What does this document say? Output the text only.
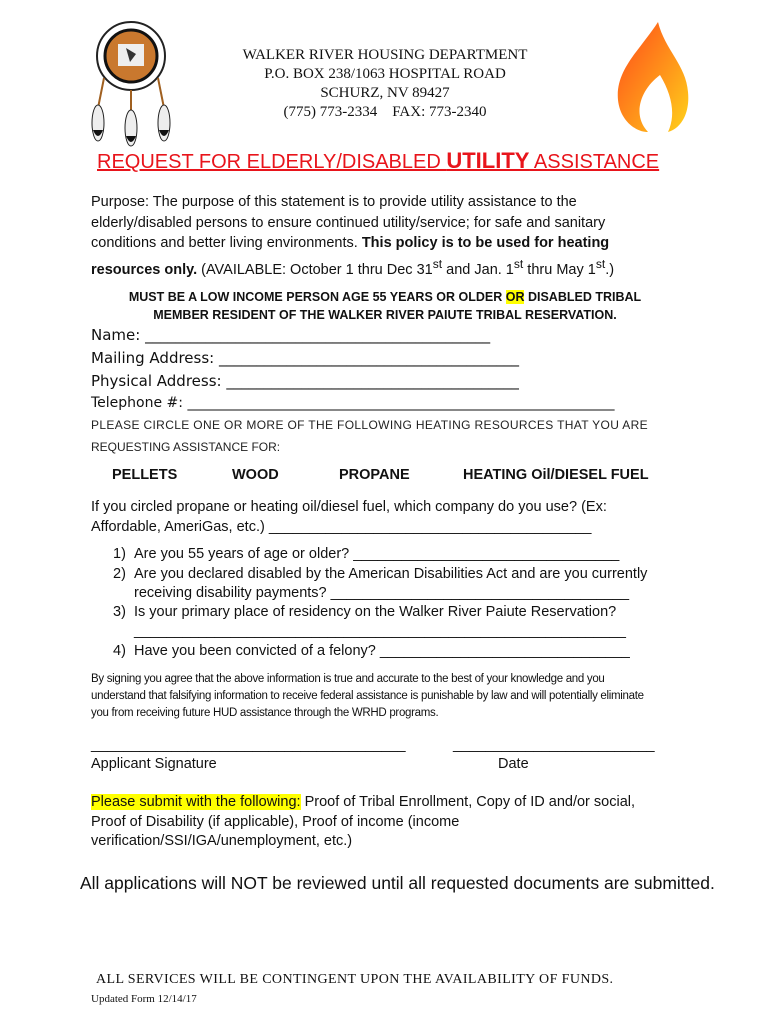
WALKER RIVER HOUSING DEPARTMENT
P.O. BOX 238/1063 HOSPITAL ROAD
SCHURZ, NV 89427
(775) 773-2334    FAX: 773-2340
REQUEST FOR ELDERLY/DISABLED UTILITY ASSISTANCE
Purpose: The purpose of this statement is to provide utility assistance to the
elderly/disabled persons to ensure continued utility/service; for safe and sanitary
conditions and better living environments. This policy is to be used for heating
resources only. (AVAILABLE: October 1 thru Dec 31st and Jan. 1st thru May 1st.)
MUST BE A LOW INCOME PERSON AGE 55 YEARS OR OLDER OR DISABLED TRIBAL
MEMBER RESIDENT OF THE WALKER RIVER PAIUTE TRIBAL RESERVATION.
Name: ______________________________________________
Mailing Address: ________________________________________
Physical Address: _______________________________________
Telephone #: _____________________________________________________________
PLEASE CIRCLE ONE OR MORE OF THE FOLLOWING HEATING RESOURCES THAT YOU ARE
REQUESTING ASSISTANCE FOR:
PELLETS	WOOD	PROPANE	HEATING Oil/DIESEL FUEL
If you circled propane or heating oil/diesel fuel, which company do you use? (Ex:
Affordable, AmeriGas, etc.) ________________________________________
1) Are you 55 years of age or older? _________________________________
2) Are you declared disabled by the American Disabilities Act and are you currently
receiving disability payments? _____________________________________
3) Is your primary place of residency on the Walker River Paiute Reservation?
_____________________________________________________________
4) Have you been convicted of a felony? _______________________________
By signing you agree that the above information is true and accurate to the best of your knowledge and you
understand that falsifying information to receive federal assistance is punishable by law and will potentially eliminate
you from receiving future HUD assistance through the WRHD programs.
_______________________________________
Applicant Signature
_________________________
Date
Please submit with the following: Proof of Tribal Enrollment, Copy of ID and/or social,
Proof of Disability (if applicable), Proof of income (income
verification/SSI/IGA/unemployment, etc.)
All applications will NOT be reviewed until all requested documents are submitted.
ALL SERVICES WILL BE CONTINGENT UPON THE AVAILABILITY OF FUNDS.
Updated Form 12/14/17
